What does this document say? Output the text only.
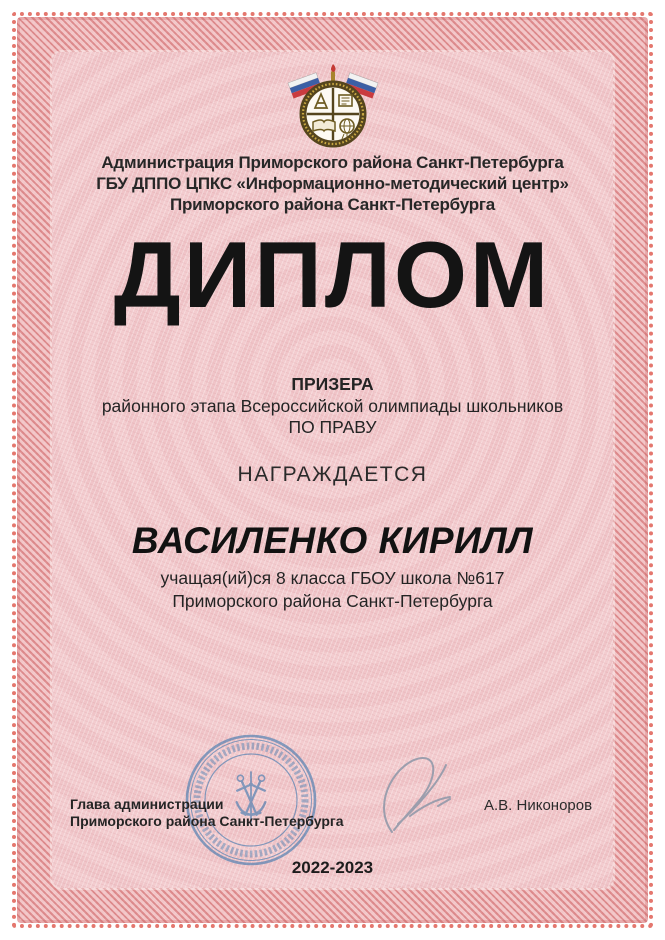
Администрация Приморского района Санкт-Петербурга
ГБУ ДППО ЦПКС «Информационно-методический центр»
Приморского района Санкт-Петербурга
ДИПЛОМ
ПРИЗЕРА
районного этапа Всероссийской олимпиады школьников
ПО ПРАВУ
НАГРАЖДАЕТСЯ
ВАСИЛЕНКО КИРИЛЛ
учащая(ий)ся 8 класса ГБОУ школа №617
Приморского района Санкт-Петербурга
Глава администрации
Приморского района Санкт-Петербурга
А.В. Никоноров
2022-2023
